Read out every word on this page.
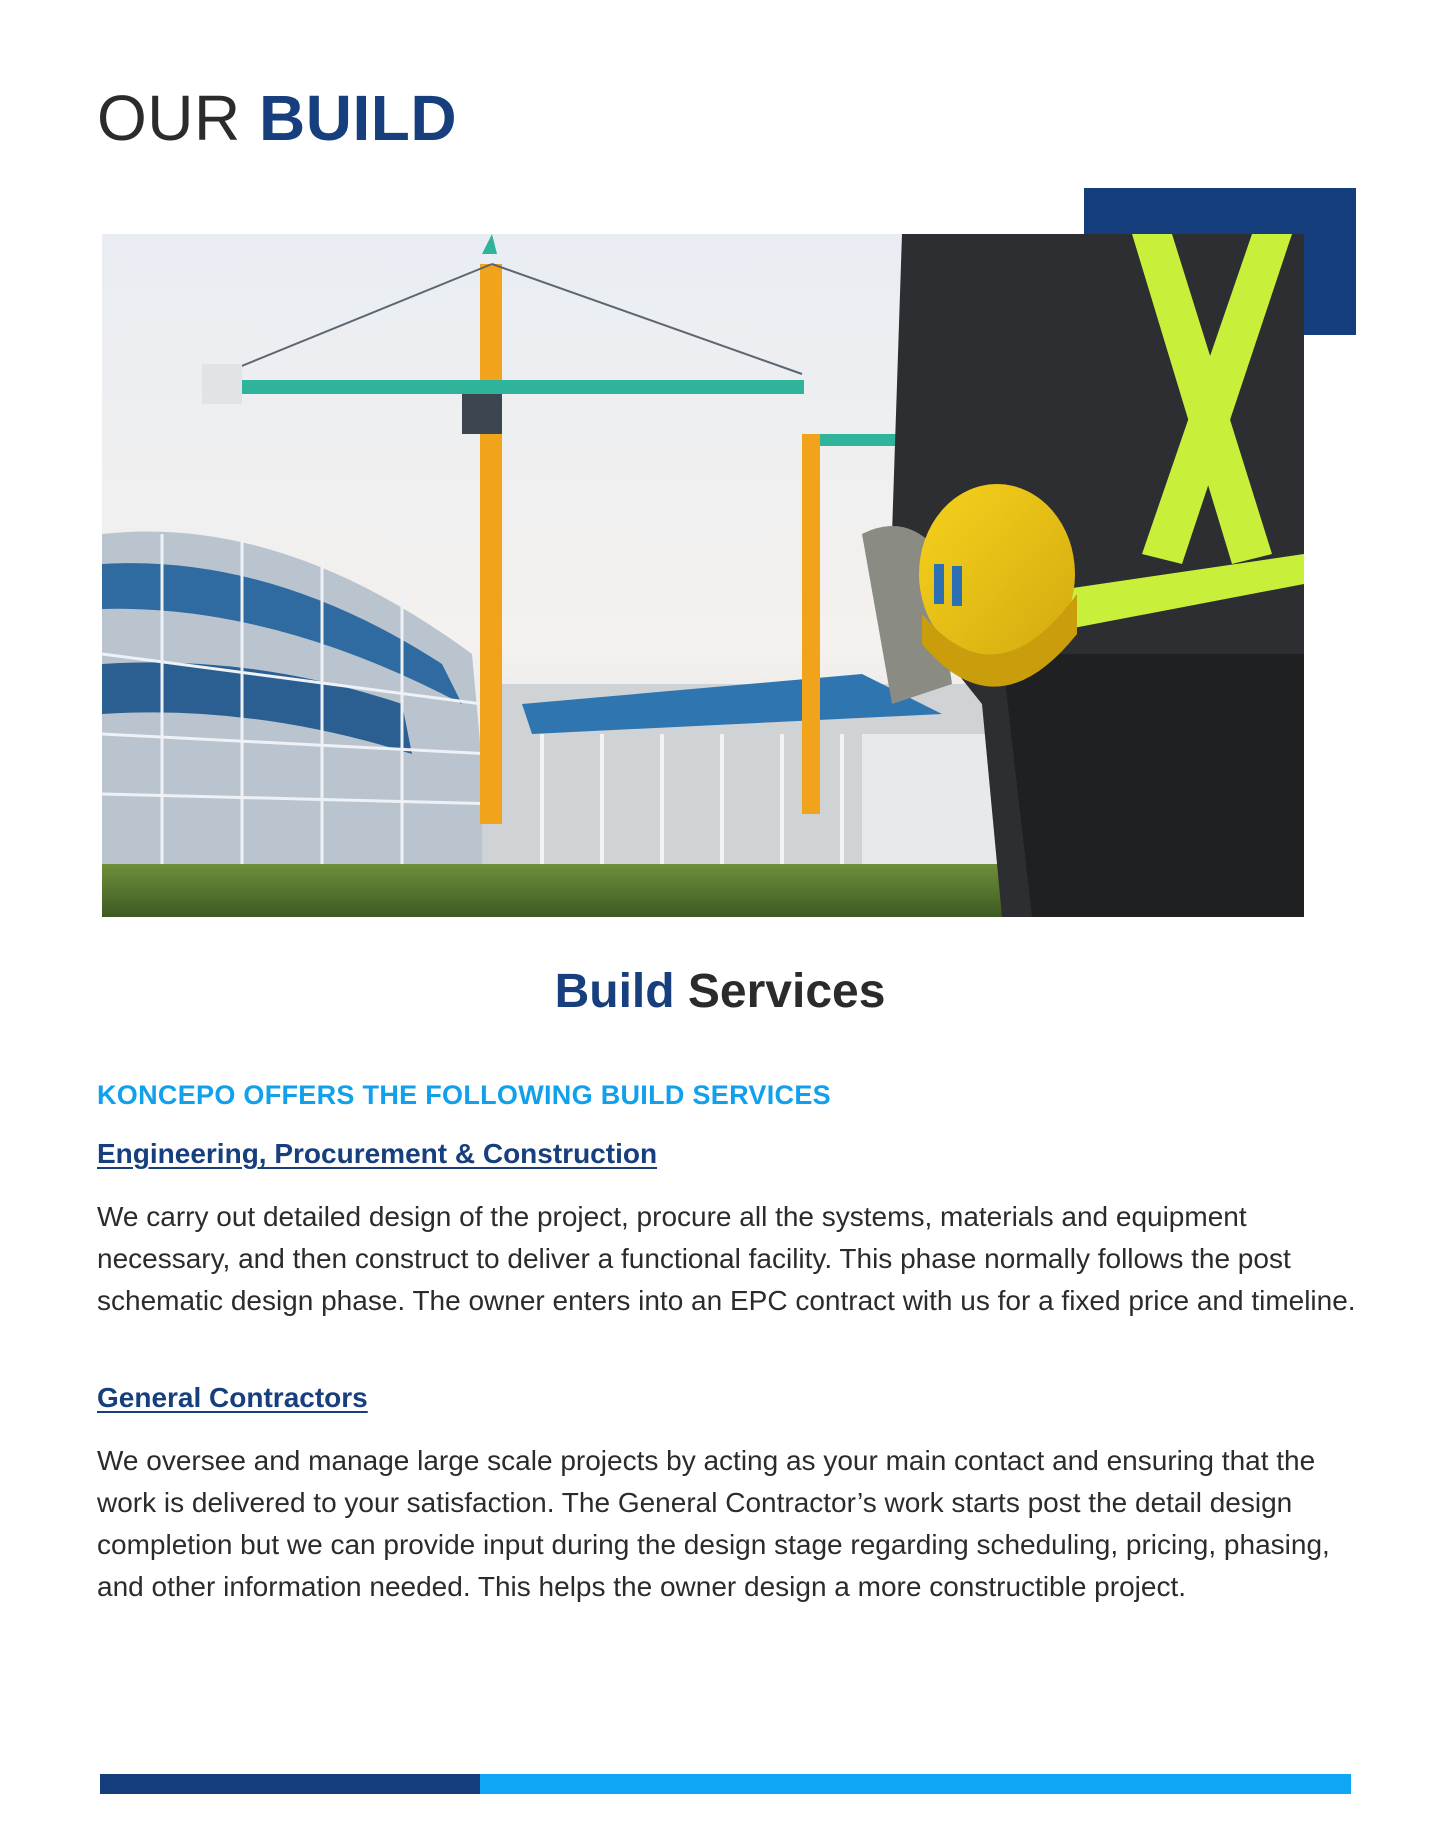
OUR BUILD
Build Services

KONCEPO OFFERS THE FOLLOWING BUILD SERVICES

Engineering, Procurement & Construction

We carry out detailed design of the project, procure all the systems, materials and equipment necessary, and then construct to deliver a functional facility. This phase normally follows the post schematic design phase. The owner enters into an EPC contract with us for a fixed price and timeline.

General Contractors

We oversee and manage large scale projects by acting as your main contact and ensuring that the work is delivered to your satisfaction. The General Contractor’s work starts post the detail design completion but we can provide input during the design stage regarding scheduling, pricing, phasing, and other information needed. This helps the owner design a more constructible project.
